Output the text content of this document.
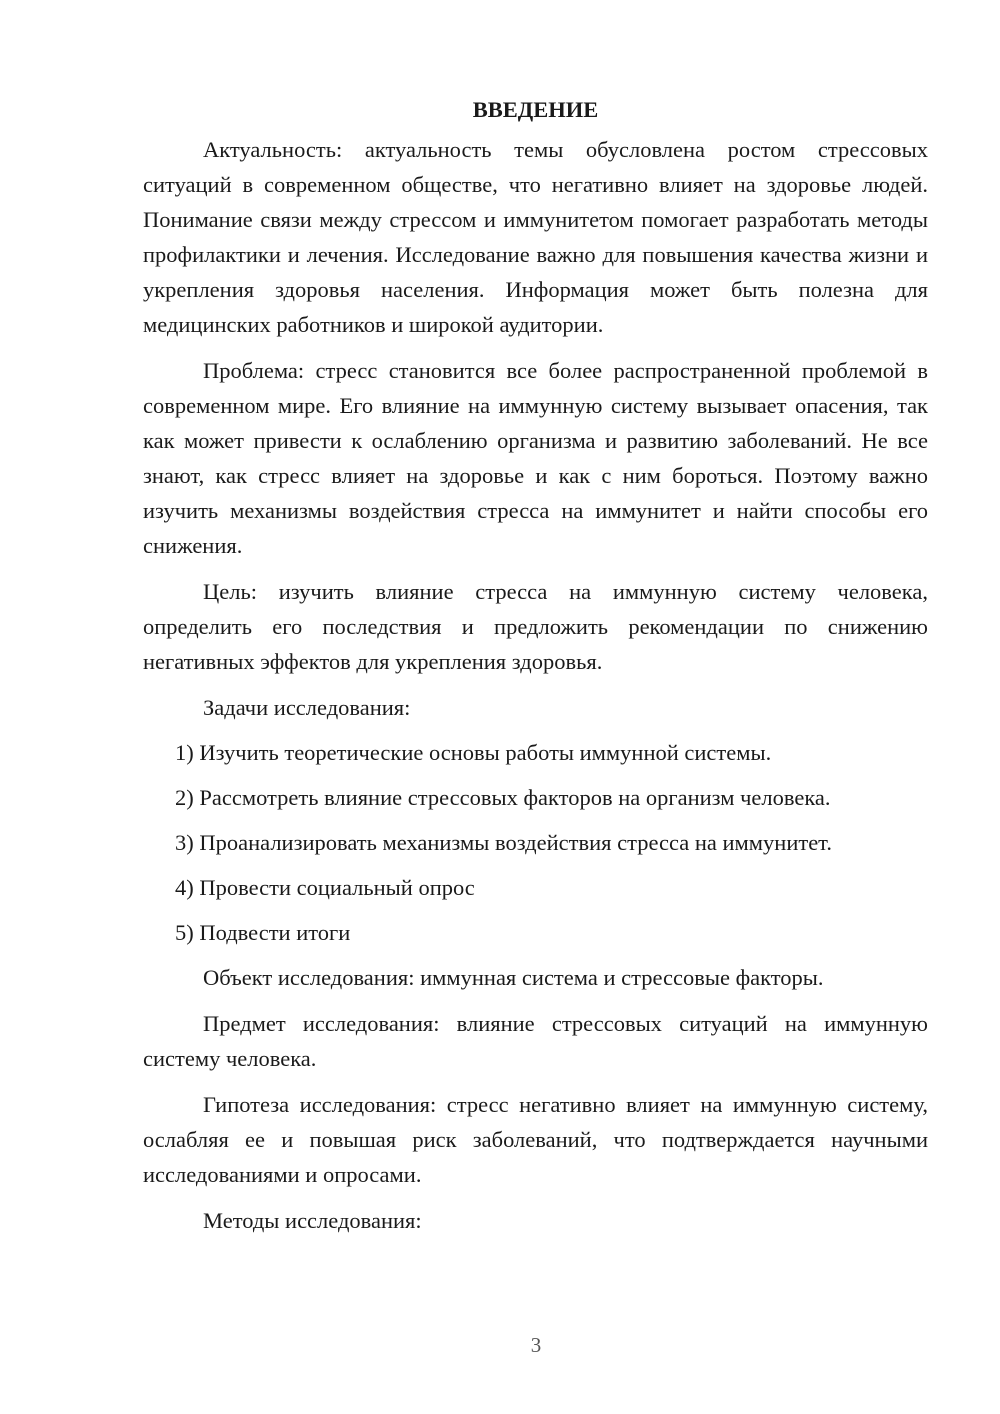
ВВЕДЕНИЕ

Актуальность: актуальность темы обусловлена ростом стрессовых ситуаций в современном обществе, что негативно влияет на здоровье людей. Понимание связи между стрессом и иммунитетом помогает разработать методы профилактики и лечения. Исследование важно для повышения качества жизни и укрепления здоровья населения. Информация может быть полезна для медицинских работников и широкой аудитории.

Проблема: стресс становится все более распространенной проблемой в современном мире. Его влияние на иммунную систему вызывает опасения, так как может привести к ослаблению организма и развитию заболеваний. Не все знают, как стресс влияет на здоровье и как с ним бороться. Поэтому важно изучить механизмы воздействия стресса на иммунитет и найти способы его снижения.

Цель: изучить влияние стресса на иммунную систему человека, определить его последствия и предложить рекомендации по снижению негативных эффектов для укрепления здоровья.

Задачи исследования:

1) Изучить теоретические основы работы иммунной системы.

2) Рассмотреть влияние стрессовых факторов на организм человека.

3) Проанализировать механизмы воздействия стресса на иммунитет.

4) Провести социальный опрос

5) Подвести итоги

Объект исследования: иммунная система и стрессовые факторы.

Предмет исследования: влияние стрессовых ситуаций на иммунную систему человека.

Гипотеза исследования: стресс негативно влияет на иммунную систему, ослабляя ее и повышая риск заболеваний, что подтверждается научными исследованиями и опросами.

Методы исследования:

3
